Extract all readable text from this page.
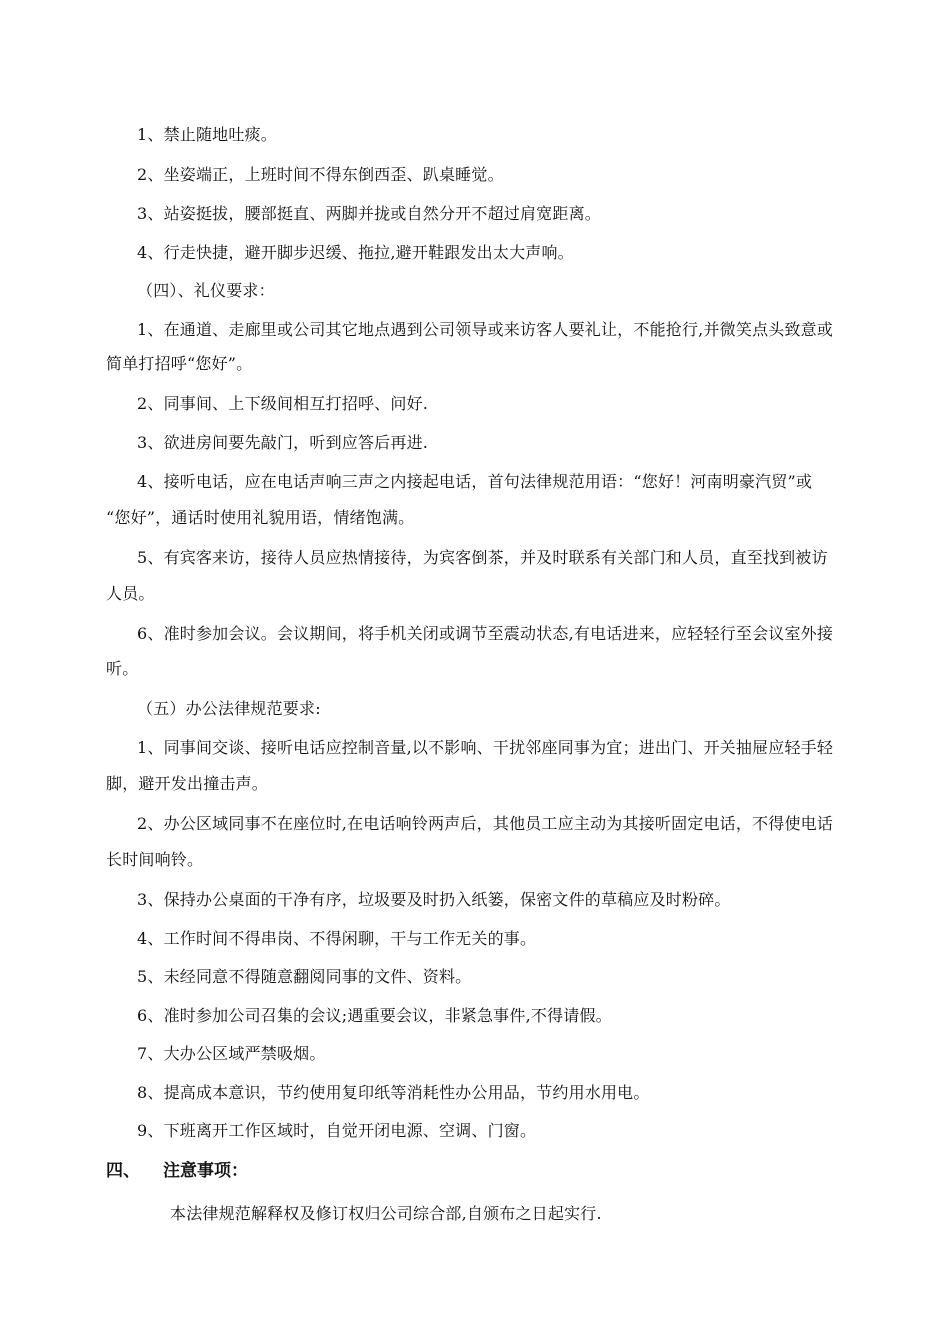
1、禁止随地吐痰。
2、坐姿端正，上班时间不得东倒西歪、趴桌睡觉。
3、站姿挺拔，腰部挺直、两脚并拢或自然分开不超过肩宽距离。
4、行走快捷，避开脚步迟缓、拖拉,避开鞋跟发出太大声响。
（四）、礼仪要求：
1、在通道、走廊里或公司其它地点遇到公司领导或来访客人要礼让，不能抢行,并微笑点头致意或
简单打招呼“您好”。
2、同事间、上下级间相互打招呼、问好.
3、欲进房间要先敲门，听到应答后再进.
4、接听电话，应在电话声响三声之内接起电话，首句法律规范用语：“您好！河南明豪汽贸”或
“您好”，通话时使用礼貌用语，情绪饱满。
5、有宾客来访，接待人员应热情接待，为宾客倒茶，并及时联系有关部门和人员，直至找到被访
人员。
6、准时参加会议。会议期间，将手机关闭或调节至震动状态,有电话进来，应轻轻行至会议室外接
听。
（五）办公法律规范要求:
1、同事间交谈、接听电话应控制音量,以不影响、干扰邻座同事为宜；进出门、开关抽屉应轻手轻
脚，避开发出撞击声。
2、办公区域同事不在座位时,在电话响铃两声后，其他员工应主动为其接听固定电话，不得使电话
长时间响铃。
3、保持办公桌面的干净有序，垃圾要及时扔入纸篓，保密文件的草稿应及时粉碎。
4、工作时间不得串岗、不得闲聊，干与工作无关的事。
5、未经同意不得随意翻阅同事的文件、资料。
6、准时参加公司召集的会议;遇重要会议，非紧急事件,不得请假。
7、大办公区域严禁吸烟。
8、提高成本意识，节约使用复印纸等消耗性办公用品，节约用水用电。
9、下班离开工作区域时，自觉开闭电源、空调、门窗。
四、 注意事项：
本法律规范解释权及修订权归公司综合部,自颁布之日起实行.
